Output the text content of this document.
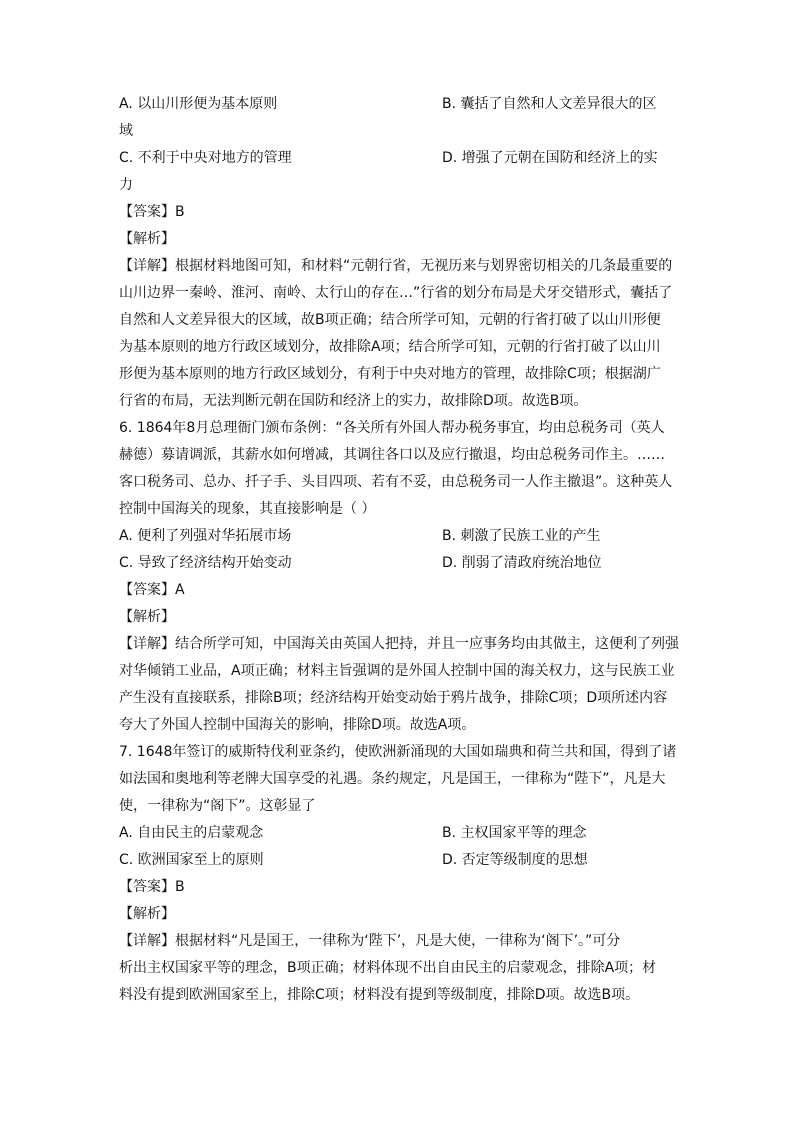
A. 以山川形便为基本原则	B. 囊括了自然和人文差异很大的区
域
C. 不利于中央对地方的管理	D. 增强了元朝在国防和经济上的实
力
【答案】B
【解析】
【详解】根据材料地图可知，和材料“元朝行省，无视历来与划界密切相关的几条最重要的
山川边界一秦岭、淮河、南岭、太行山的存在…”行省的划分布局是犬牙交错形式，囊括了
自然和人文差异很大的区域，故B项正确；结合所学可知，元朝的行省打破了以山川形便
为基本原则的地方行政区域划分，故排除A项；结合所学可知，元朝的行省打破了以山川
形便为基本原则的地方行政区域划分，有利于中央对地方的管理，故排除C项；根据湖广
行省的布局，无法判断元朝在国防和经济上的实力，故排除D项。故选B项。
6. 1864年8月总理衙门颁布条例：“各关所有外国人帮办税务事宜，均由总税务司（英人
赫德）募请调派，其薪水如何增减，其调往各口以及应行撤退，均由总税务司作主。……
客口税务司、总办、扦子手、头目四项、若有不妥，由总税务司一人作主撤退”。这种英人
控制中国海关的现象，其直接影响是（ ）
A. 便利了列强对华拓展市场	B. 刺激了民族工业的产生
C. 导致了经济结构开始变动	D. 削弱了清政府统治地位
【答案】A
【解析】
【详解】结合所学可知，中国海关由英国人把持，并且一应事务均由其做主，这便利了列强
对华倾销工业品，A项正确；材料主旨强调的是外国人控制中国的海关权力，这与民族工业
产生没有直接联系，排除B项；经济结构开始变动始于鸦片战争，排除C项；D项所述内容
夸大了外国人控制中国海关的影响，排除D项。故选A项。
7. 1648年签订的威斯特伐利亚条约，使欧洲新涌现的大国如瑞典和荷兰共和国，得到了诸
如法国和奥地利等老牌大国享受的礼遇。条约规定，凡是国王，一律称为“陛下”，凡是大
使，一律称为“阁下”。这彰显了
A. 自由民主的启蒙观念	B. 主权国家平等的理念
C. 欧洲国家至上的原则	D. 否定等级制度的思想
【答案】B
【解析】
【详解】根据材料“凡是国王，一律称为‘陛下’，凡是大使，一律称为‘阁下’。”可分
析出主权国家平等的理念，B项正确；材料体现不出自由民主的启蒙观念，排除A项；材
料没有提到欧洲国家至上，排除C项；材料没有提到等级制度，排除D项。故选B项。
